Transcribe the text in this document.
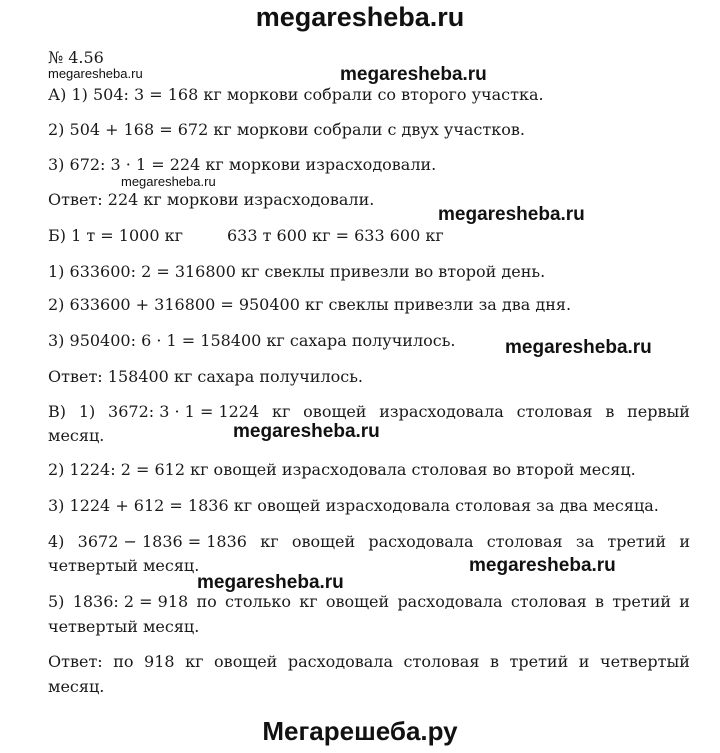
megaresheba.ru
№ 4.56
megaresheba.ru	megaresheba.ru
megaresheba.ru
megaresheba.ru
megaresheba.ru
megaresheba.ru
megaresheba.ru
megaresheba.ru
А) 1) 504: 3 = 168 кг моркови собрали со второго участка.
2) 504 + 168 = 672 кг моркови собрали с двух участков.
3) 672: 3 · 1 = 224 кг моркови израсходовали.
Ответ: 224 кг моркови израсходовали.
Б) 1 т = 1000 кг	633 т 600 кг = 633 600 кг
1) 633600: 2 = 316800 кг свеклы привезли во второй день.
2) 633600 + 316800 = 950400 кг свеклы привезли за два дня.
3) 950400: 6 · 1 = 158400 кг сахара получилось.
Ответ: 158400 кг сахара получилось.
В) 1) 3672: 3 · 1 = 1224 кг овощей израсходовала столовая в первый
месяц.
2) 1224: 2 = 612 кг овощей израсходовала столовая во второй месяц.
3) 1224 + 612 = 1836 кг овощей израсходовала столовая за два месяца.
4) 3672 − 1836 = 1836 кг овощей расходовала столовая за третий и
четвертый месяц.
5) 1836: 2 = 918 по столько кг овощей расходовала столовая в третий и
четвертый месяц.
Ответ: по 918 кг овощей расходовала столовая в третий и четвертый
месяц.
Мегарешеба.ру
